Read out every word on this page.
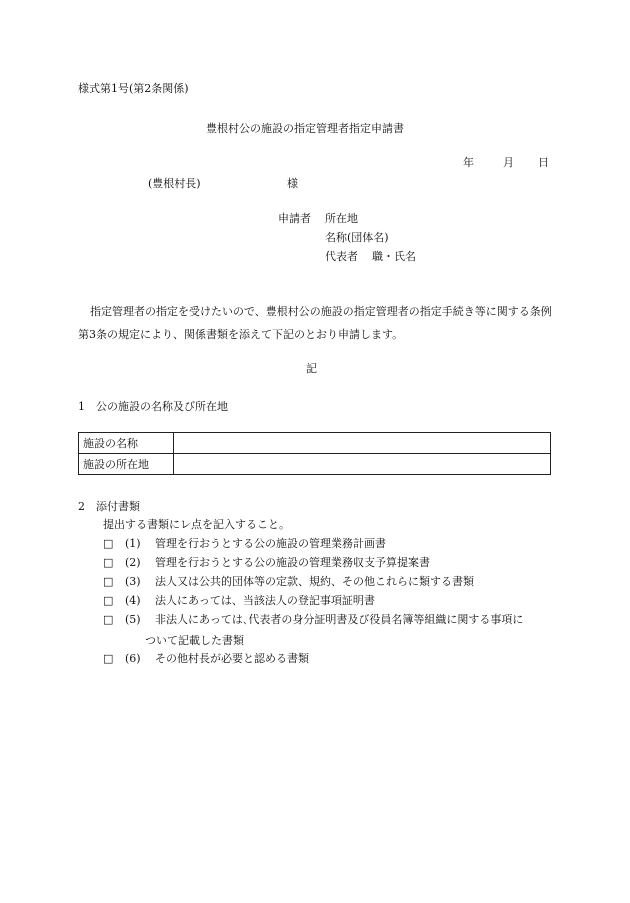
様式第1号(第2条関係)
豊根村公の施設の指定管理者指定申請書
年	月 日
(豊根村長)	様
申請者 所在地
名称(団体名)
代表者 職・氏名
指定管理者の指定を受けたいので、豊根村公の施設の指定管理者の指定手続き等に関する条例第3条の規定により、関係書類を添えて下記のとおり申請します。
記
1　公の施設の名称及び所在地
施設の名称	
施設の所在地	
2　添付書類
提出する書類にレ点を記入すること。
□ (1) 管理を行おうとする公の施設の管理業務計画書
□ (2) 管理を行おうとする公の施設の管理業務収支予算提案書
□ (3) 法人又は公共的団体等の定款、規約、その他これらに類する書類
□ (4) 法人にあっては、当該法人の登記事項証明書
□ (5) 非法人にあっては､代表者の身分証明書及び役員名簿等組織に関する事項に
ついて記載した書類
□ (6) その他村長が必要と認める書類
